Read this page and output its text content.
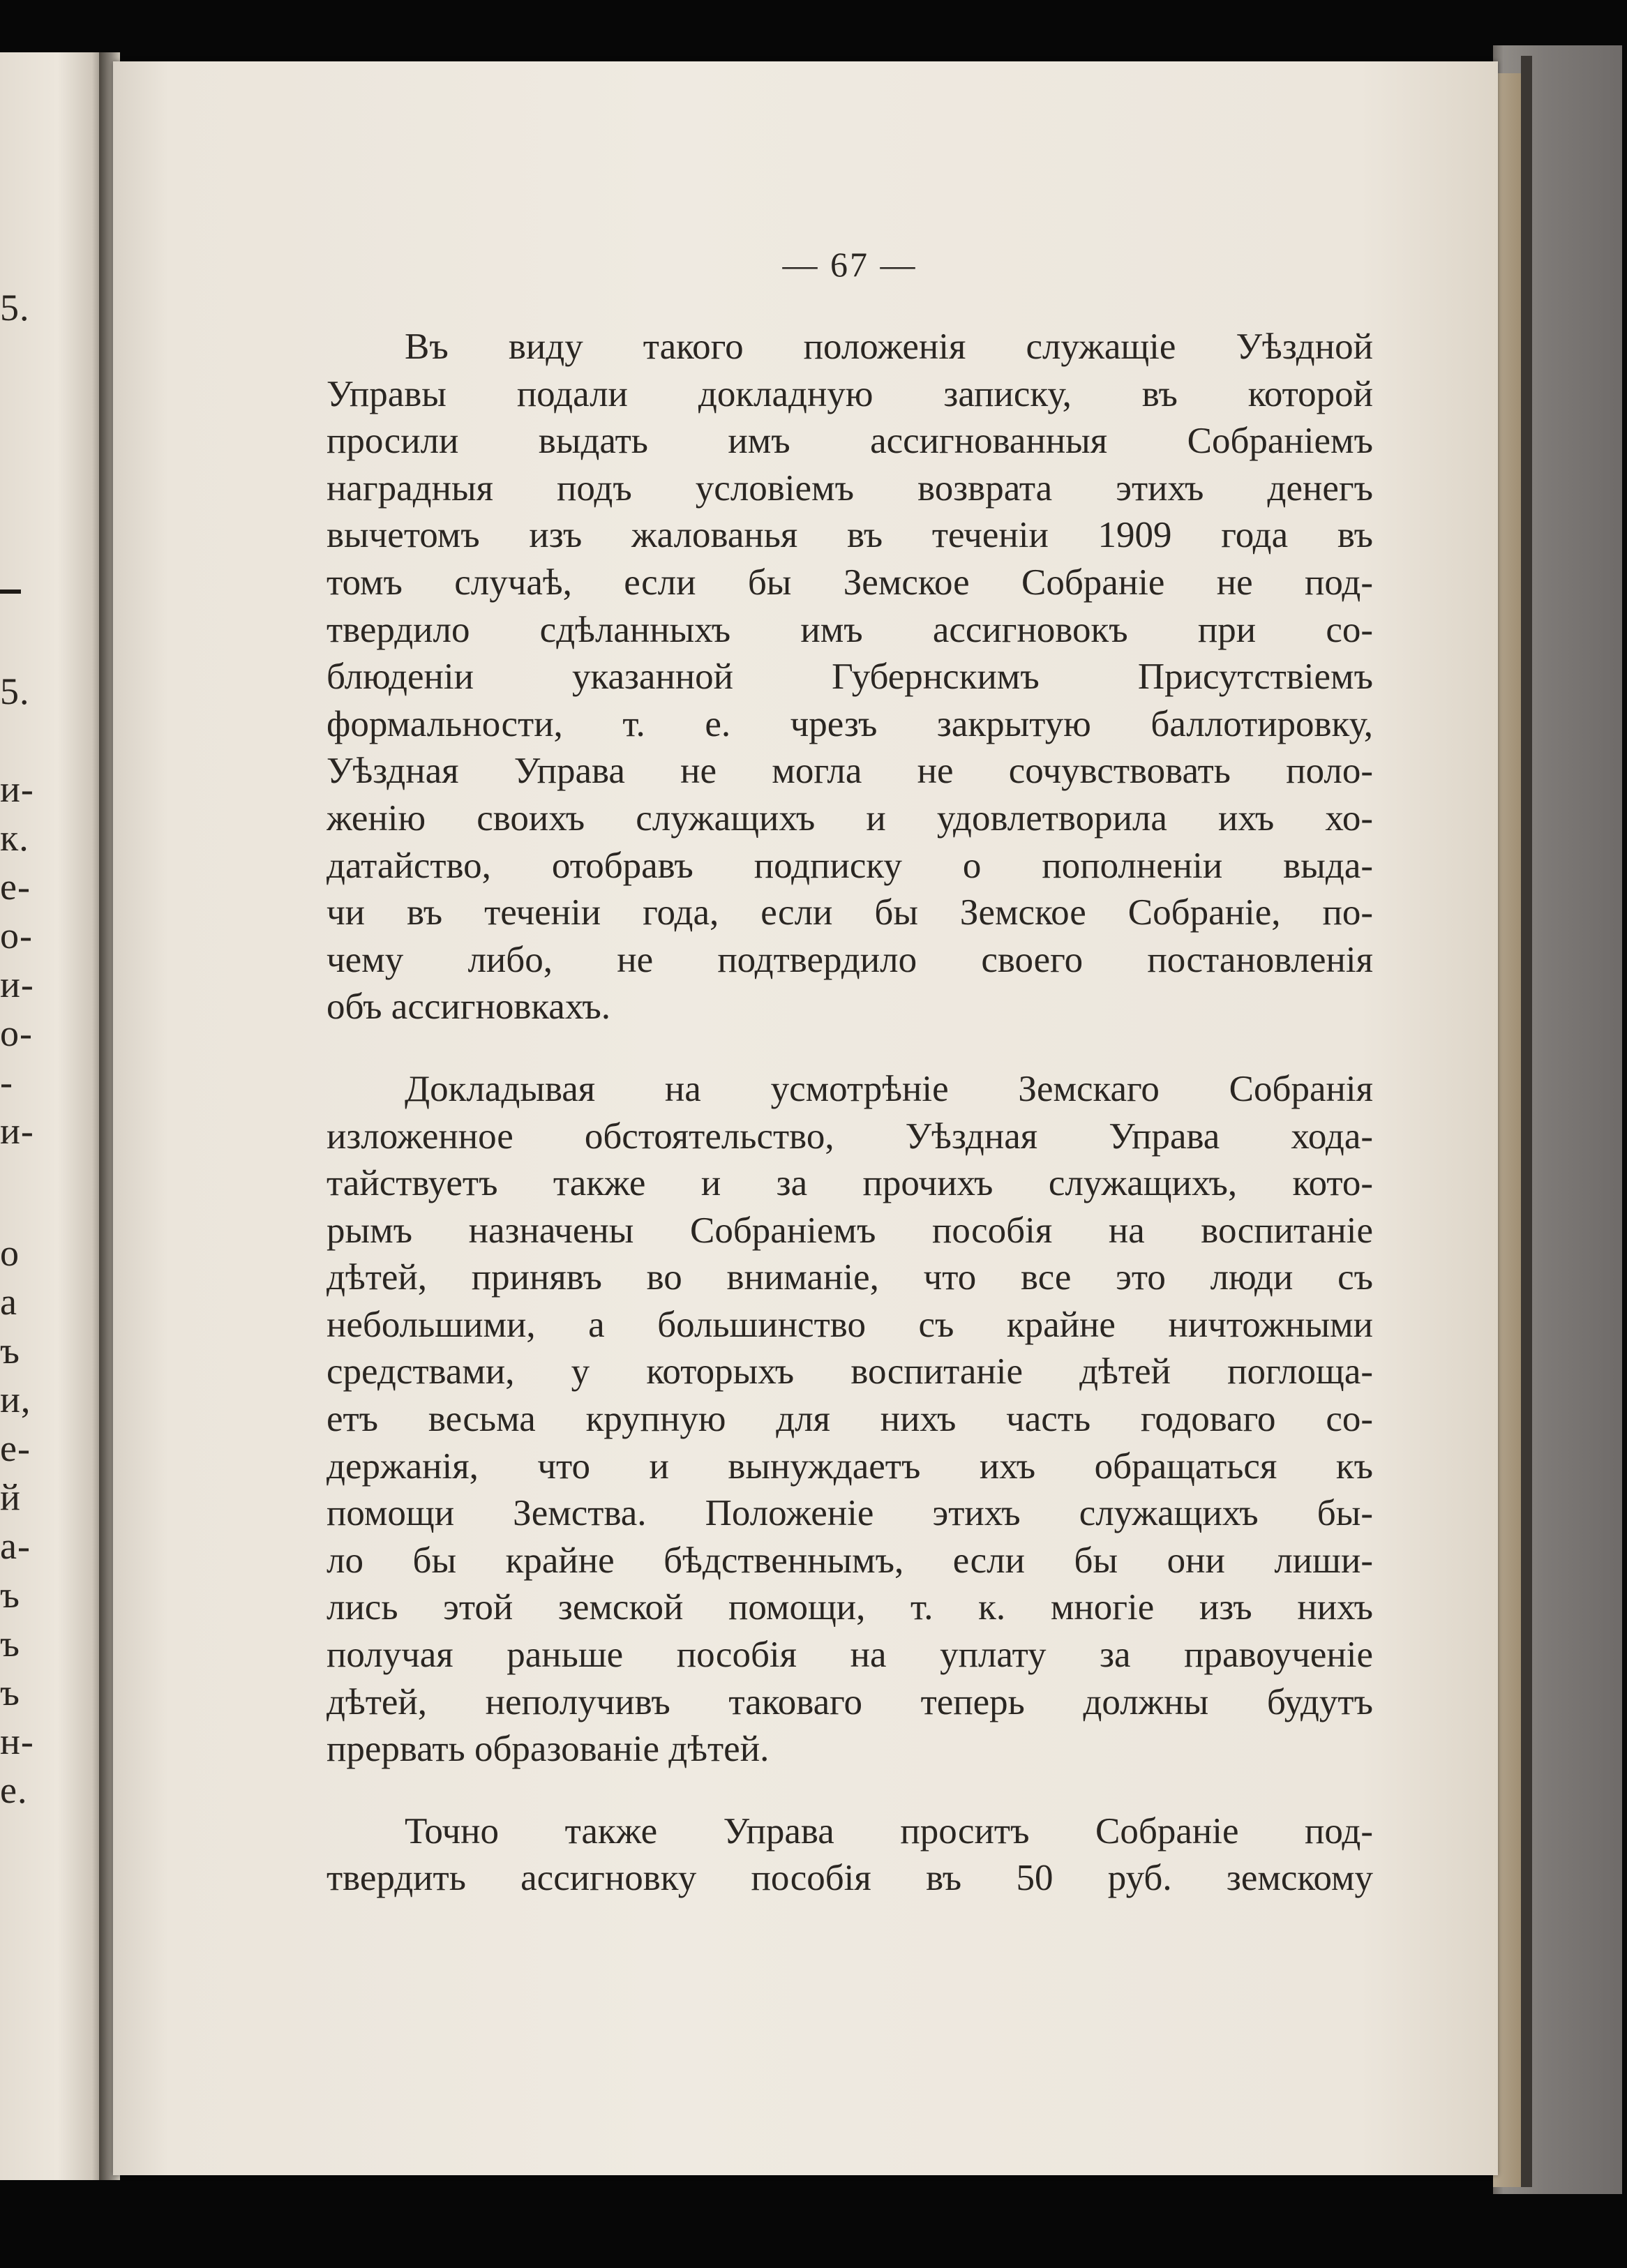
5.
5.
и-
к.
е-
о-
и-
о-
-
и-
о
а
ъ
и,
е-
й
а-
ъ
ъ
ъ
н-
е.
— 67 —
Въ виду такого положенія служащіе Уѣздной
Управы подали докладную записку, въ которой
просили выдать имъ ассигнованныя Собраніемъ
наградныя подъ условіемъ возврата этихъ денегъ
вычетомъ изъ жалованья въ теченіи 1909 года въ
томъ случаѣ, если бы Земское Собраніе не под-
твердило сдѣланныхъ имъ ассигновокъ при со-
блюденіи указанной Губернскимъ Присутствіемъ
формальности, т. е. чрезъ закрытую баллотировку,
Уѣздная Управа не могла не сочувствовать поло-
женію своихъ служащихъ и удовлетворила ихъ хо-
датайство, отобравъ подписку о пополненіи выда-
чи въ теченіи года, если бы Земское Собраніе, по-
чему либо, не подтвердило своего постановленія
объ ассигновкахъ.
Докладывая на усмотрѣніе Земскаго Собранія
изложенное обстоятельство, Уѣздная Управа хода-
тайствуетъ также и за прочихъ служащихъ, кото-
рымъ назначены Собраніемъ пособія на воспитаніе
дѣтей, принявъ во вниманіе, что все это люди съ
небольшими, а большинство съ крайне ничтожными
средствами, у которыхъ воспитаніе дѣтей поглоща-
етъ весьма крупную для нихъ часть годоваго со-
держанія, что и вынуждаетъ ихъ обращаться къ
помощи Земства. Положеніе этихъ служащихъ бы-
ло бы крайне бѣдственнымъ, если бы они лиши-
лись этой земской помощи, т. к. многіе изъ нихъ
получая раньше пособія на уплату за правоученіе
дѣтей, неполучивъ таковаго теперь должны будутъ
прервать образованіе дѣтей.
Точно также Управа проситъ Собраніе под-
твердить ассигновку пособія въ 50 руб. земскому
